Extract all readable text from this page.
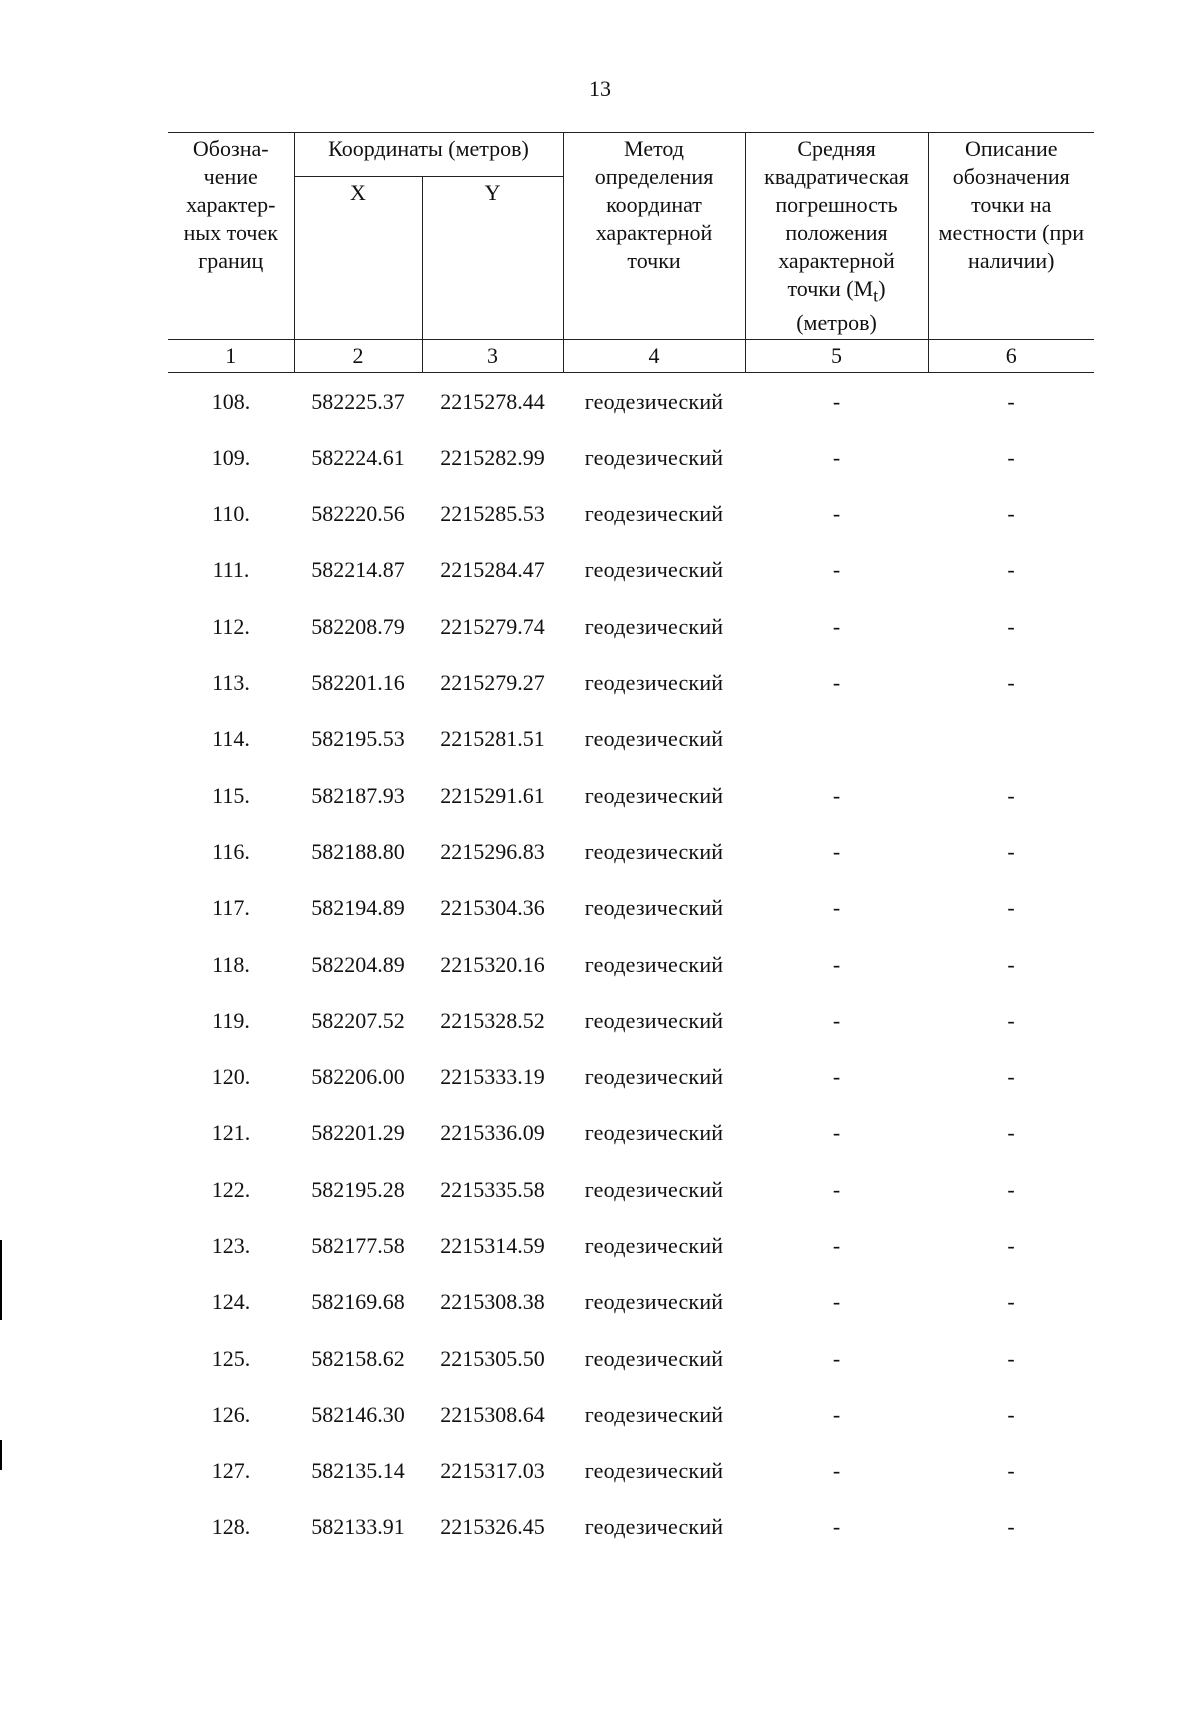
13
Обозна- чение характер- ных точек границ	Координаты (метров)		Метод определения координат характерной точки	Средняя квадратическая погрешность положения характерной точки $(M_t)$ (метров)	Описание обозначения точки на местности (при наличии)
	X	Y			
1	2	3	4	5	6
108.	582225.37	2215278.44	геодезический	-	-
109.	582224.61	2215282.99	геодезический	-	-
110.	582220.56	2215285.53	геодезический	-	-
111.	582214.87	2215284.47	геодезический	-	-
112.	582208.79	2215279.74	геодезический	-	-
113.	582201.16	2215279.27	геодезический	-	-
114.	582195.53	2215281.51	геодезический		
115.	582187.93	2215291.61	геодезический	-	-
116.	582188.80	2215296.83	геодезический	-	-
117.	582194.89	2215304.36	геодезический	-	-
118.	582204.89	2215320.16	геодезический	-	-
119.	582207.52	2215328.52	геодезический	-	-
120.	582206.00	2215333.19	геодезический	-	-
121.	582201.29	2215336.09	геодезический	-	-
122.	582195.28	2215335.58	геодезический	-	-
123.	582177.58	2215314.59	геодезический	-	-
124.	582169.68	2215308.38	геодезический	-	-
125.	582158.62	2215305.50	геодезический	-	-
126.	582146.30	2215308.64	геодезический	-	-
127.	582135.14	2215317.03	геодезический	-	-
128.	582133.91	2215326.45	геодезический	-	-
